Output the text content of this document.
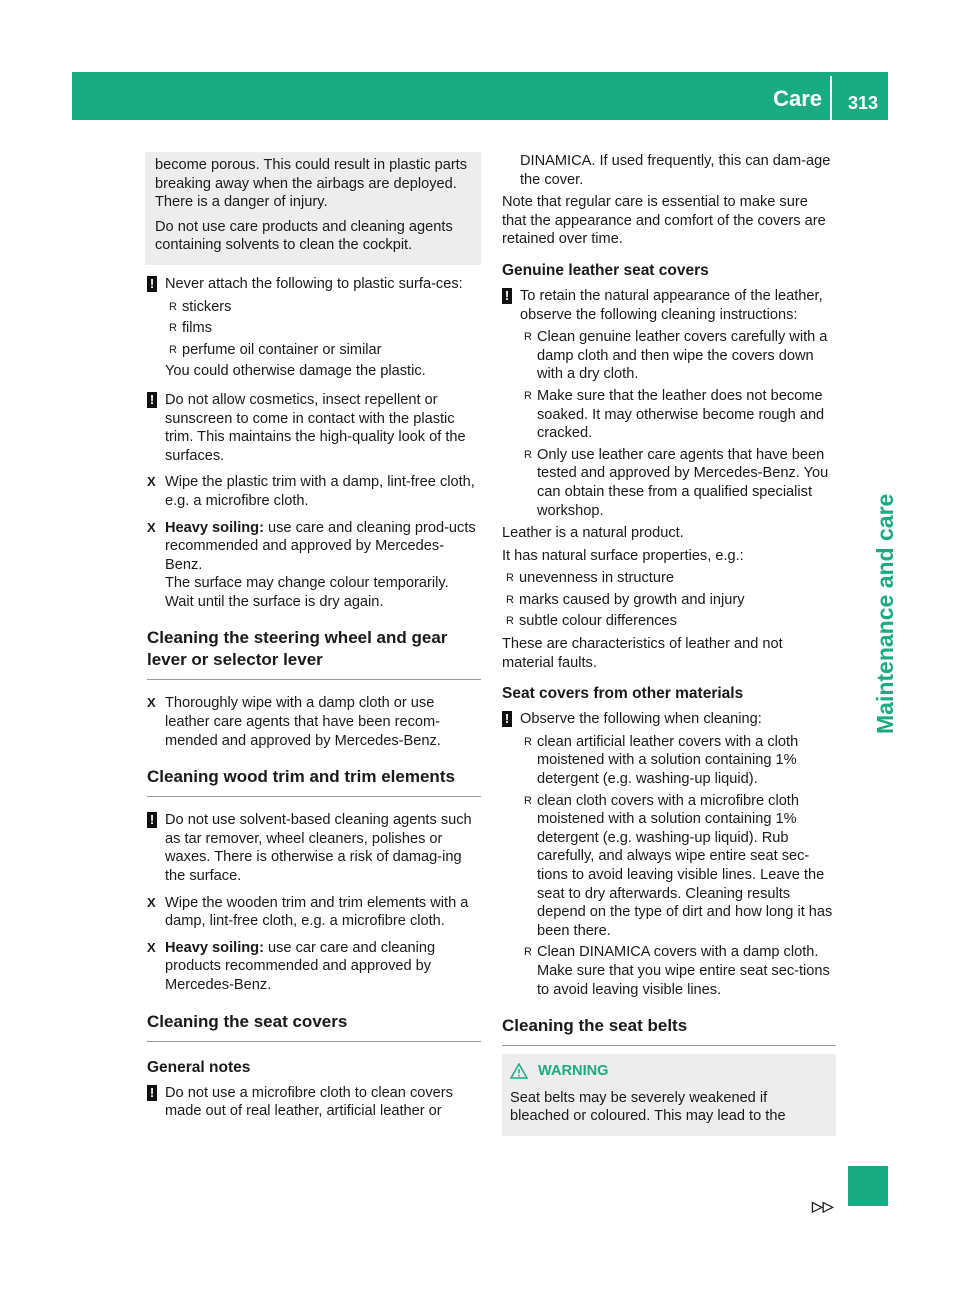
Care 313
Maintenance and care

become porous. This could result in plastic parts breaking away when the airbags are deployed. There is a danger of injury.

Do not use care products and cleaning agents containing solvents to clean the cockpit.

! Never attach the following to plastic surfa-ces:

R stickers
R films
R perfume oil container or similar

You could otherwise damage the plastic.

! Do not allow cosmetics, insect repellent or sunscreen to come in contact with the plastic trim. This maintains the high-quality look of the surfaces.

X Wipe the plastic trim with a damp, lint-free cloth, e.g. a microfibre cloth.

X Heavy soiling: use care and cleaning prod-ucts recommended and approved by Mercedes-Benz.

The surface may change colour temporarily.

Wait until the surface is dry again.

Cleaning the steering wheel and gear lever or selector lever
X Thoroughly wipe with a damp cloth or use leather care agents that have been recom-mended and approved by Mercedes-Benz.

Cleaning wood trim and trim elements
! Do not use solvent-based cleaning agents such as tar remover, wheel cleaners, polishes or waxes. There is otherwise a risk of damag-ing the surface.

X Wipe the wooden trim and trim elements with a damp, lint-free cloth, e.g. a microfibre cloth.

X Heavy soiling: use car care and cleaning products recommended and approved by Mercedes-Benz.

Cleaning the seat covers
General notes
! Do not use a microfibre cloth to clean covers made out of real leather, artificial leather or

DINAMICA. If used frequently, this can dam-age the cover.

Note that regular care is essential to make sure that the appearance and comfort of the covers are retained over time.

Genuine leather seat covers
! To retain the natural appearance of the leather, observe the following cleaning instructions:

R Clean genuine leather covers carefully with a damp cloth and then wipe the covers down with a dry cloth.
R Make sure that the leather does not become soaked. It may otherwise become rough and cracked.
R Only use leather care agents that have been tested and approved by Mercedes-Benz. You can obtain these from a qualified specialist workshop.

Leather is a natural product.

It has natural surface properties, e.g.:

R unevenness in structure
R marks caused by growth and injury
R subtle colour differences

These are characteristics of leather and not material faults.

Seat covers from other materials
! Observe the following when cleaning:

R clean artificial leather covers with a cloth moistened with a solution containing 1% detergent (e.g. washing-up liquid).
R clean cloth covers with a microfibre cloth moistened with a solution containing 1% detergent (e.g. washing-up liquid). Rub carefully, and always wipe entire seat sec-tions to avoid leaving visible lines. Leave the seat to dry afterwards. Cleaning results depend on the type of dirt and how long it has been there.
R Clean DINAMICA covers with a damp cloth. Make sure that you wipe entire seat sec-tions to avoid leaving visible lines.
Cleaning the seat belts
WARNING

Seat belts may be severely weakened if bleached or coloured. This may lead to the

▷▷
